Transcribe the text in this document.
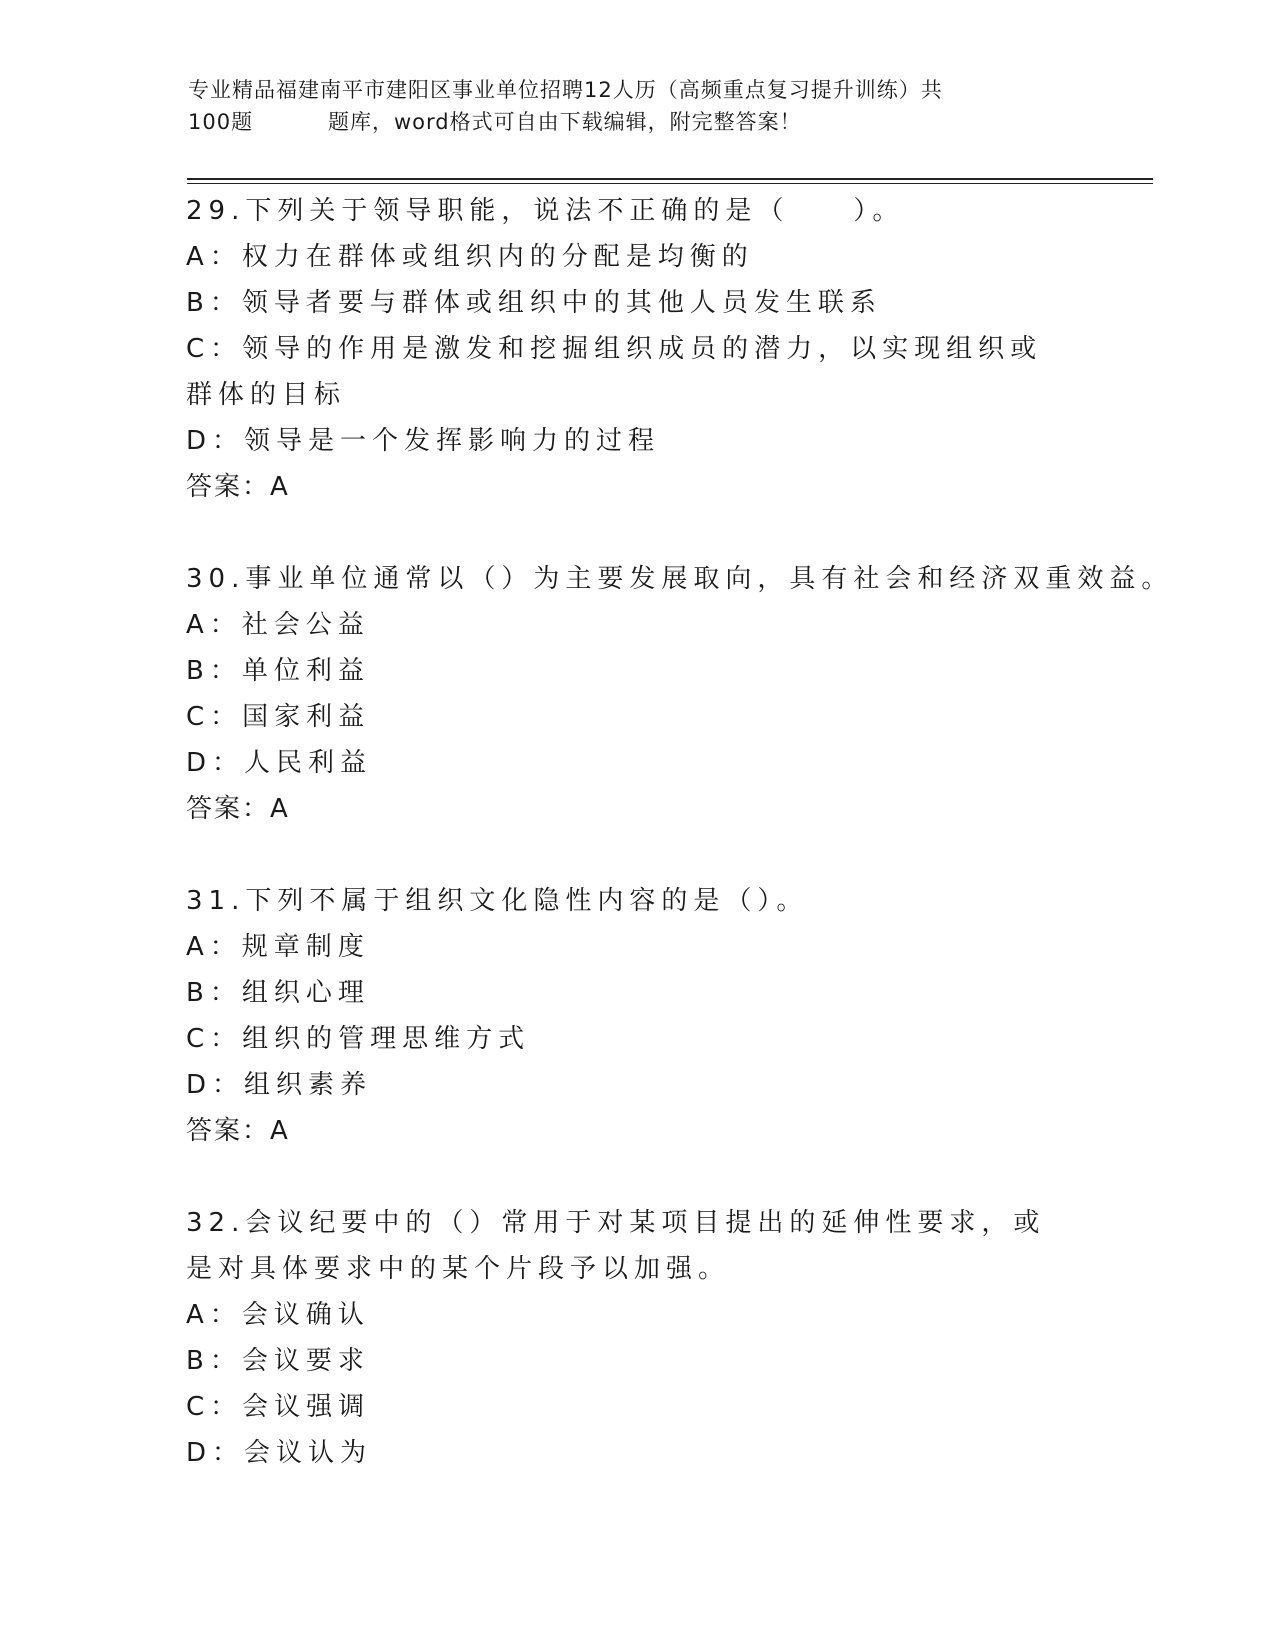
专业精品福建南平市建阳区事业单位招聘12人历（高频重点复习提升训练）共
100题	题库，word格式可自由下载编辑，附完整答案！
29.下列关于领导职能，说法不正确的是（　　）。
A：权力在群体或组织内的分配是均衡的
B：领导者要与群体或组织中的其他人员发生联系
C：领导的作用是激发和挖掘组织成员的潜力，以实现组织或群体的目标
D：领导是一个发挥影响力的过程
答案：A
30.事业单位通常以（）为主要发展取向，具有社会和经济双重效益。
A：社会公益
B：单位利益
C：国家利益
D：人民利益
答案：A
31.下列不属于组织文化隐性内容的是（）。
A：规章制度
B：组织心理
C：组织的管理思维方式
D：组织素养
答案：A
32.会议纪要中的（）常用于对某项目提出的延伸性要求，或是对具体要求中的某个片段予以加强。
A：会议确认
B：会议要求
C：会议强调
D：会议认为
